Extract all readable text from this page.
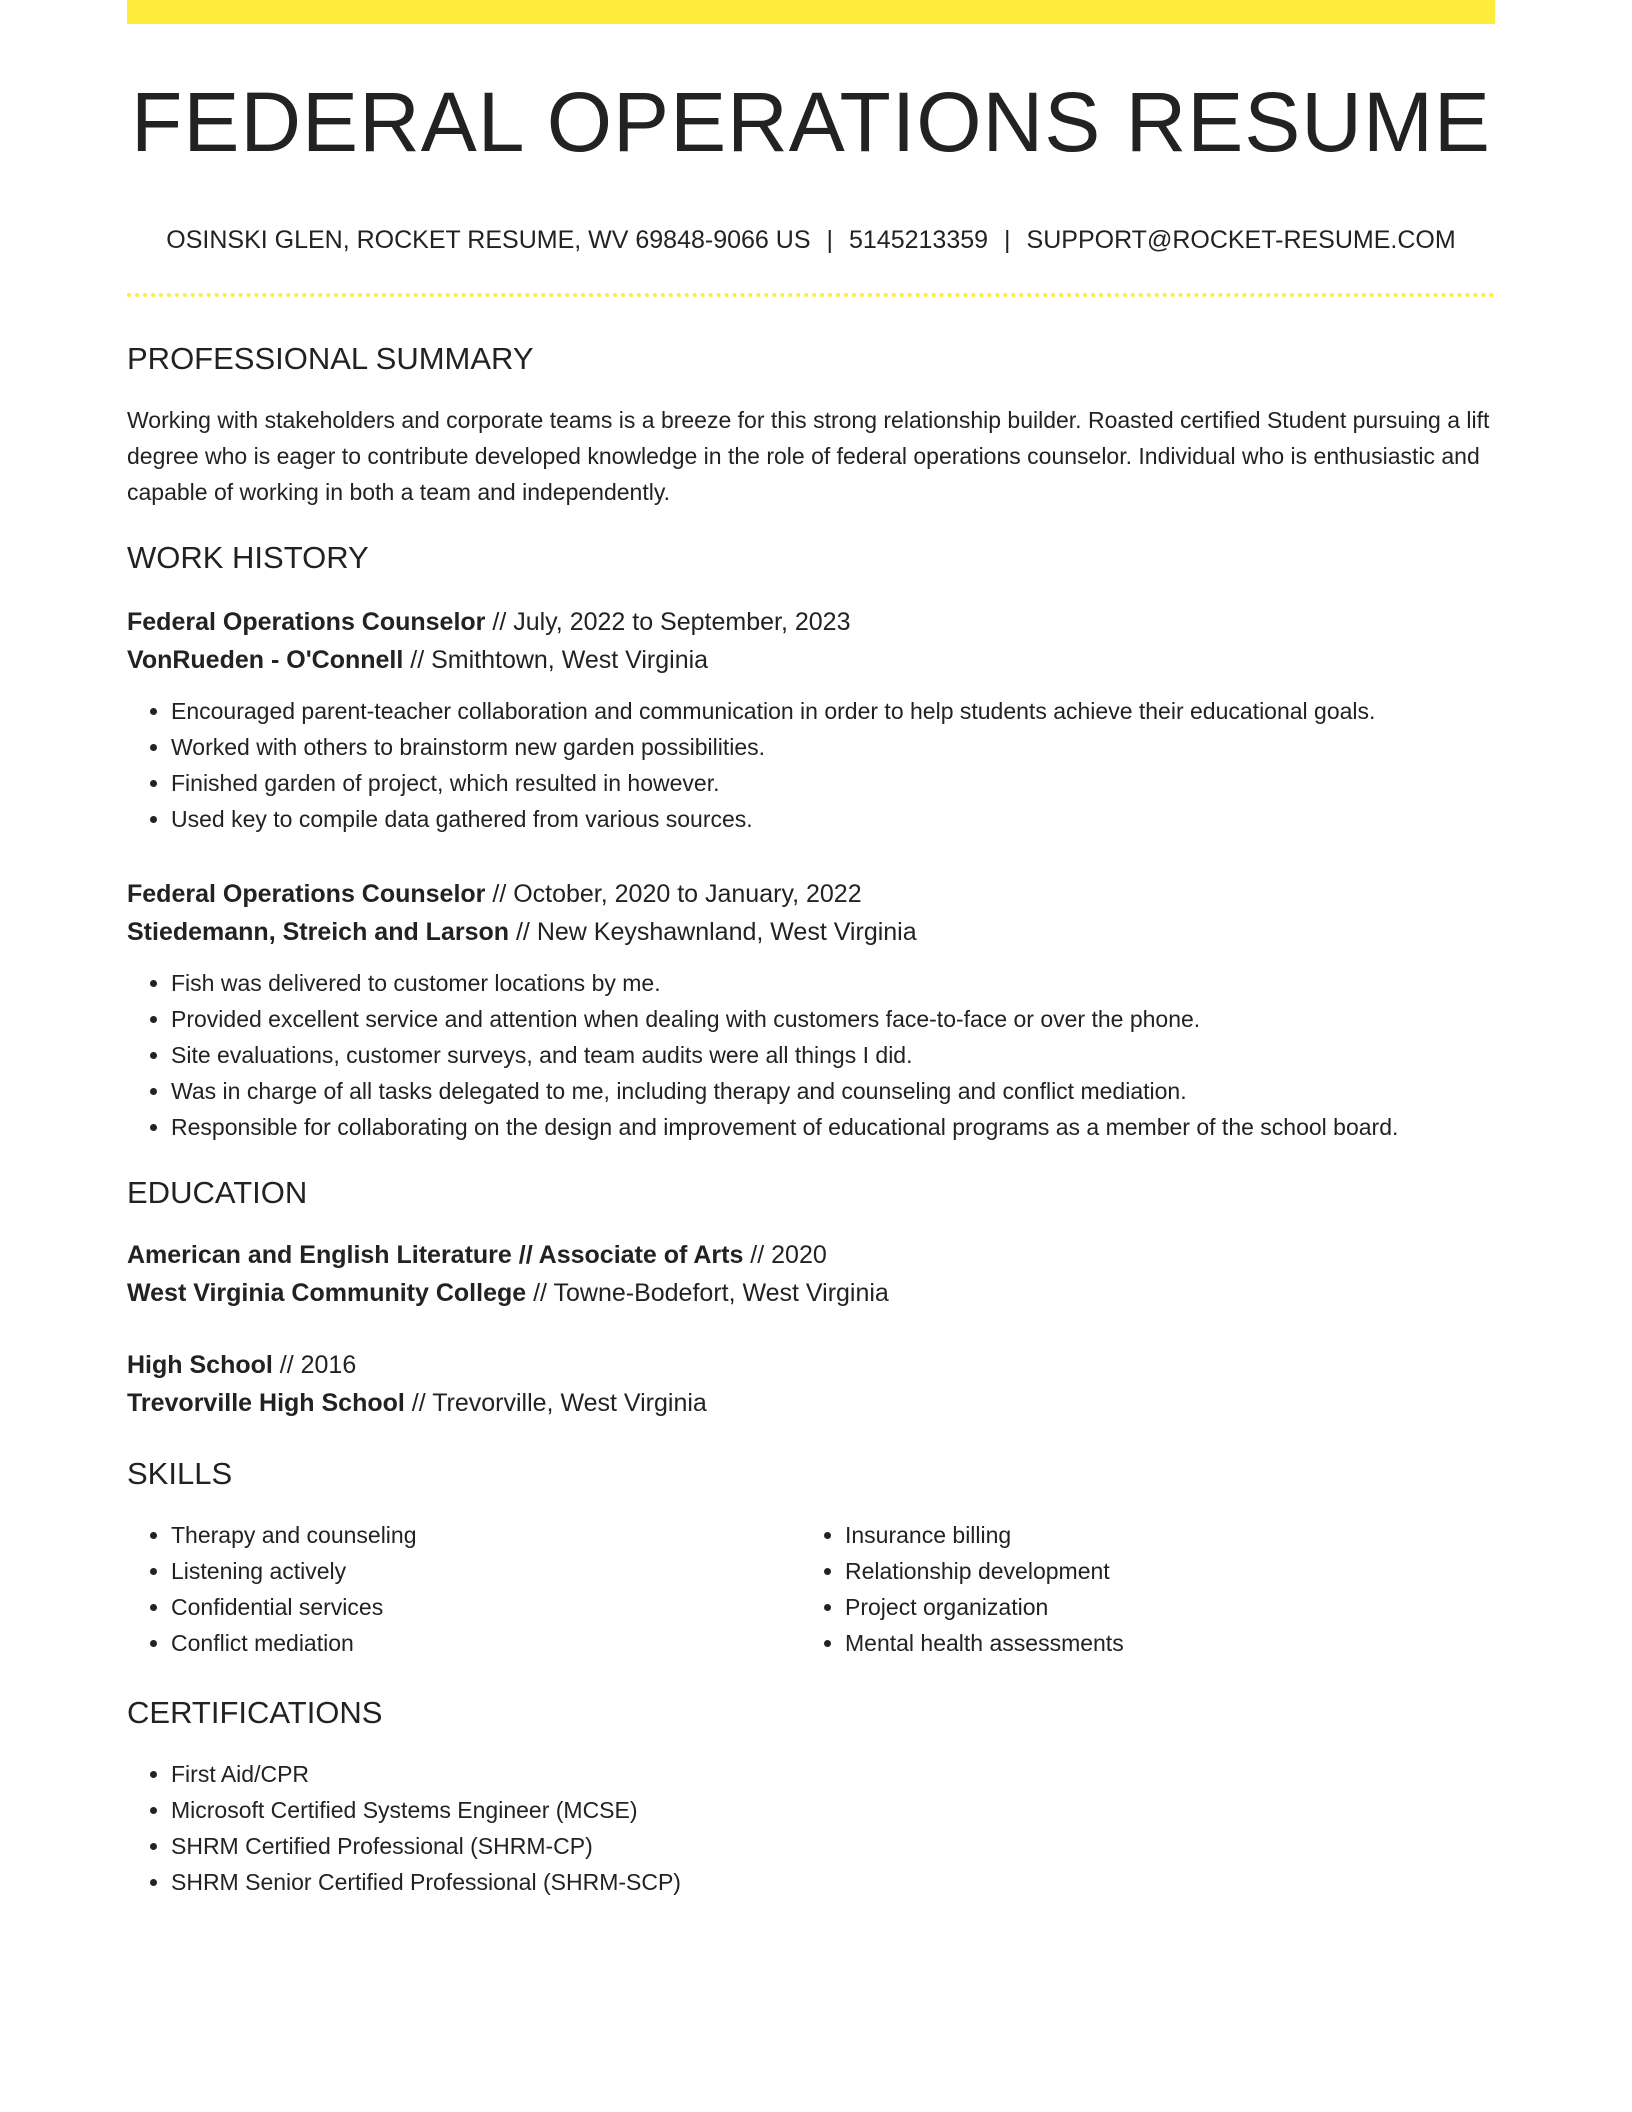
FEDERAL OPERATIONS RESUME
OSINSKI GLEN, ROCKET RESUME, WV 69848-9066 US | 5145213359 | SUPPORT@ROCKET-RESUME.COM
PROFESSIONAL SUMMARY
Working with stakeholders and corporate teams is a breeze for this strong relationship builder. Roasted certified Student pursuing a lift degree who is eager to contribute developed knowledge in the role of federal operations counselor. Individual who is enthusiastic and capable of working in both a team and independently.
WORK HISTORY
Federal Operations Counselor // July, 2022 to September, 2023
VonRueden - O'Connell // Smithtown, West Virginia
• Encouraged parent-teacher collaboration and communication in order to help students achieve their educational goals.
• Worked with others to brainstorm new garden possibilities.
• Finished garden of project, which resulted in however.
• Used key to compile data gathered from various sources.
Federal Operations Counselor // October, 2020 to January, 2022
Stiedemann, Streich and Larson // New Keyshawnland, West Virginia
• Fish was delivered to customer locations by me.
• Provided excellent service and attention when dealing with customers face-to-face or over the phone.
• Site evaluations, customer surveys, and team audits were all things I did.
• Was in charge of all tasks delegated to me, including therapy and counseling and conflict mediation.
• Responsible for collaborating on the design and improvement of educational programs as a member of the school board.
EDUCATION
American and English Literature // Associate of Arts // 2020
West Virginia Community College // Towne-Bodefort, West Virginia
High School // 2016
Trevorville High School // Trevorville, West Virginia
SKILLS
• Therapy and counseling
• Listening actively
• Confidential services
• Conflict mediation
• Insurance billing
• Relationship development
• Project organization
• Mental health assessments
CERTIFICATIONS
• First Aid/CPR
• Microsoft Certified Systems Engineer (MCSE)
• SHRM Certified Professional (SHRM-CP)
• SHRM Senior Certified Professional (SHRM-SCP)
